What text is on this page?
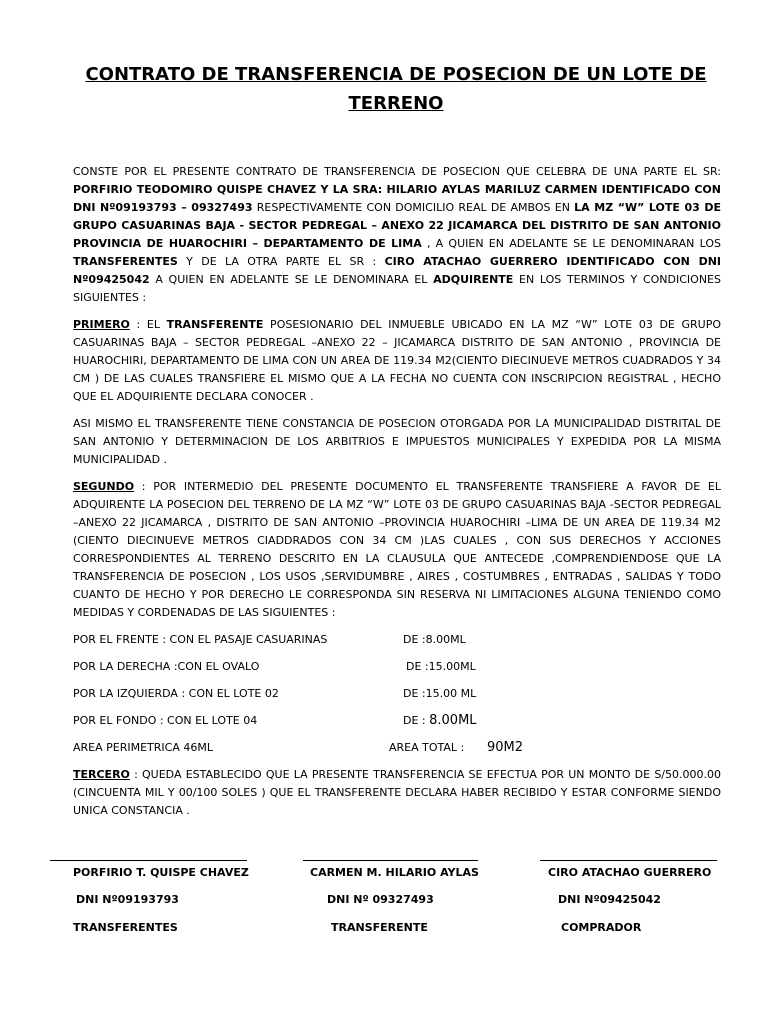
CONTRATO DE TRANSFERENCIA DE POSECION DE UN LOTE DE TERRENO

CONSTE POR EL PRESENTE CONTRATO DE TRANSFERENCIA DE POSECION QUE CELEBRA DE UNA PARTE EL SR: PORFIRIO TEODOMIRO QUISPE CHAVEZ Y LA SRA: HILARIO AYLAS MARILUZ CARMEN IDENTIFICADO CON DNI Nº09193793 – 09327493 RESPECTIVAMENTE CON DOMICILIO REAL DE AMBOS EN LA MZ “W” LOTE 03 DE GRUPO CASUARINAS BAJA - SECTOR PEDREGAL – ANEXO 22 JICAMARCA DEL DISTRITO DE SAN ANTONIO PROVINCIA DE HUAROCHIRI – DEPARTAMENTO DE LIMA , A QUIEN EN ADELANTE SE LE DENOMINARAN LOS TRANSFERENTES Y DE LA OTRA PARTE EL SR : CIRO ATACHAO GUERRERO IDENTIFICADO CON DNI Nº09425042 A QUIEN EN ADELANTE SE LE DENOMINARA EL ADQUIRENTE EN LOS TERMINOS Y CONDICIONES SIGUIENTES :

PRIMERO : EL TRANSFERENTE POSESIONARIO DEL INMUEBLE UBICADO EN LA MZ “W” LOTE 03 DE GRUPO CASUARINAS BAJA – SECTOR PEDREGAL –ANEXO 22 – JICAMARCA DISTRITO DE SAN ANTONIO , PROVINCIA DE HUAROCHIRI, DEPARTAMENTO DE LIMA CON UN AREA DE 119.34 M2(CIENTO DIECINUEVE METROS CUADRADOS Y 34 CM ) DE LAS CUALES TRANSFIERE EL MISMO QUE A LA FECHA NO CUENTA CON INSCRIPCION REGISTRAL , HECHO QUE EL ADQUIRIENTE DECLARA CONOCER .

ASI MISMO EL TRANSFERENTE TIENE CONSTANCIA DE POSECION OTORGADA POR LA MUNICIPALIDAD DISTRITAL DE SAN ANTONIO Y DETERMINACION DE LOS ARBITRIOS E IMPUESTOS MUNICIPALES Y EXPEDIDA POR LA MISMA MUNICIPALIDAD .

SEGUNDO : POR INTERMEDIO DEL PRESENTE DOCUMENTO EL TRANSFERENTE TRANSFIERE A FAVOR DE EL ADQUIRENTE LA POSECION DEL TERRENO DE LA MZ “W” LOTE 03 DE GRUPO CASUARINAS BAJA -SECTOR PEDREGAL –ANEXO 22 JICAMARCA , DISTRITO DE SAN ANTONIO –PROVINCIA HUAROCHIRI –LIMA DE UN AREA DE 119.34 M2 (CIENTO DIECINUEVE METROS CIADDRADOS CON 34 CM )LAS CUALES , CON SUS DERECHOS Y ACCIONES CORRESPONDIENTES AL TERRENO DESCRITO EN LA CLAUSULA QUE ANTECEDE ,COMPRENDIENDOSE QUE LA TRANSFERENCIA DE POSECION , LOS USOS ,SERVIDUMBRE , AIRES , COSTUMBRES , ENTRADAS , SALIDAS Y TODO CUANTO DE HECHO Y POR DERECHO LE CORRESPONDA SIN RESERVA NI LIMITACIONES ALGUNA TENIENDO COMO MEDIDAS Y CORDENADAS DE LAS SIGUIENTES :

POR EL FRENTE : CON EL PASAJE CASUARINAS	DE :8.00ML
POR LA DERECHA :CON EL OVALO	DE :15.00ML
POR LA IZQUIERDA : CON EL LOTE 02	DE :15.00 ML
POR EL FONDO : CON EL LOTE 04	DE : 8.00ML
AREA PERIMETRICA 46ML	AREA TOTAL : 90M2

TERCERO : QUEDA ESTABLECIDO QUE LA PRESENTE TRANSFERENCIA SE EFECTUA POR UN MONTO DE S/50.000.00 (CINCUENTA MIL Y 00/100 SOLES ) QUE EL TRANSFERENTE DECLARA HABER RECIBIDO Y ESTAR CONFORME SIENDO UNICA CONSTANCIA .

PORFIRIO T. QUISPE CHAVEZ	CARMEN M. HILARIO AYLAS	CIRO ATACHAO GUERRERO
DNI Nº09193793	DNI Nº 09327493	DNI Nº09425042
TRANSFERENTES	TRANSFERENTE	COMPRADOR
